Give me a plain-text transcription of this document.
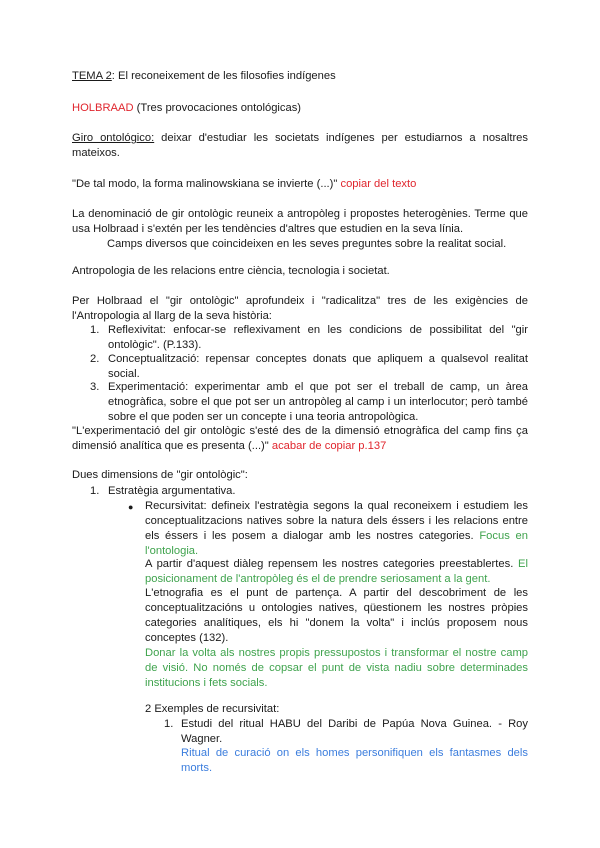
TEMA 2: El reconeixement de les filosofies indígenes

HOLBRAAD (Tres provocaciones ontológicas)

Giro ontológico: deixar d'estudiar les societats indígenes per estudiarnos a nosaltres mateixos.

"De tal modo, la forma malinowskiana se invierte (...)" copiar del texto

La denominació de gir ontològic reuneix a antropòleg i propostes heterogènies. Terme que usa Holbraad i s'extén per les tendències d'altres que estudien en la seva línia.

Camps diversos que coincideixen en les seves preguntes sobre la realitat social.

Antropologia de les relacions entre ciència, tecnologia i societat.

Per Holbraad el "gir ontològic" aprofundeix i "radicalitza" tres de les exigències de l'Antropologia al llarg de la seva història:

1. Reflexivitat: enfocar-se reflexivament en les condicions de possibilitat del "gir ontològic". (P.133).

2. Conceptualització: repensar conceptes donats que apliquem a qualsevol realitat social.

3. Experimentació: experimentar amb el que pot ser el treball de camp, un àrea etnogràfica, sobre el que pot ser un antropòleg al camp i un interlocutor; però també sobre el que poden ser un concepte i una teoria antropològica.

"L'experimentació del gir ontològic s'esté des de la dimensió etnogràfica del camp fins ça dimensió analítica que es presenta (...)" acabar de copiar p.137

Dues dimensions de "gir ontològic":

1. Estratègia argumentativa.

● Recursivitat: defineix l'estratègia segons la qual reconeixem i estudiem les conceptualitzacions natives sobre la natura dels éssers i les relacions entre els éssers i les posem a dialogar amb les nostres categories. Focus en l'ontologia.

A partir d'aquest diàleg repensem les nostres categories preestablertes. El posicionament de l'antropòleg és el de prendre seriosament a la gent.

L'etnografia es el punt de partença. A partir del descobriment de les conceptualitzacións u ontologies natives, qüestionem les nostres pròpies categories analítiques, els hi "donem la volta" i inclús proposem nous conceptes (132).

Donar la volta als nostres propis pressupostos i transformar el nostre camp de visió. No només de copsar el punt de vista nadiu sobre determinades institucions i fets socials.

2 Exemples de recursivitat:

1. Estudi del ritual HABU del Daribi de Papúa Nova Guinea. - Roy Wagner.

Ritual de curació on els homes personifiquen els fantasmes dels morts.
